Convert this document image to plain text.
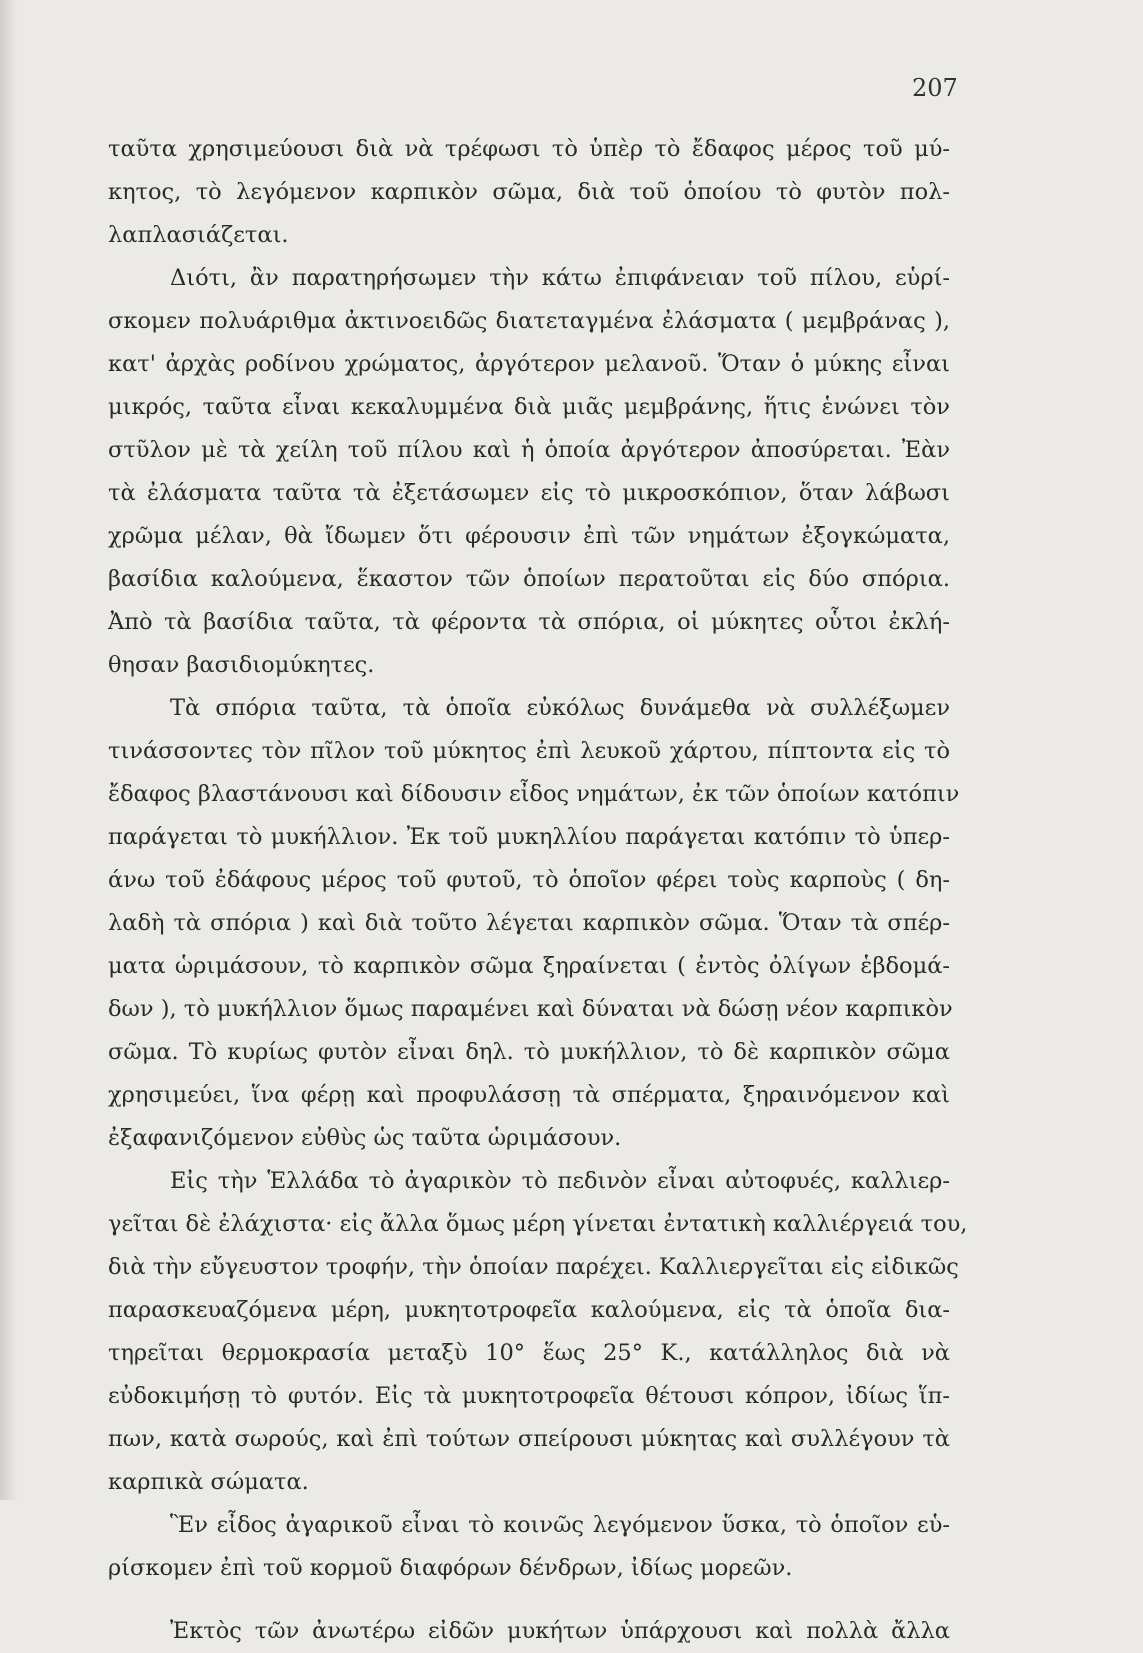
207
ταῦτα χρησιμεύουσι διὰ νὰ τρέφωσι τὸ ὑπὲρ τὸ ἔδαφος μέρος τοῦ μύ-
κητος, τὸ λεγόμενον καρπικὸν σῶμα, διὰ τοῦ ὁποίου τὸ φυτὸν πολ-
λαπλασιάζεται.
Διότι, ἂν παρατηρήσωμεν τὴν κάτω ἐπιφάνειαν τοῦ πίλου, εὑρί-
σκομεν πολυάριθμα ἀκτινοειδῶς διατεταγμένα ἐλάσματα ( μεμβράνας ),
κατ' ἀρχὰς ροδίνου χρώματος, ἀργότερον μελανοῦ. Ὅταν ὁ μύκης εἶναι
μικρός, ταῦτα εἶναι κεκαλυμμένα διὰ μιᾶς μεμβράνης, ἥτις ἑνώνει τὸν
στῦλον μὲ τὰ χείλη τοῦ πίλου καὶ ἡ ὁποία ἀργότερον ἀποσύρεται. Ἐὰν
τὰ ἐλάσματα ταῦτα τὰ ἐξετάσωμεν εἰς τὸ μικροσκόπιον, ὅταν λάβωσι
χρῶμα μέλαν, θὰ ἴδωμεν ὅτι φέρουσιν ἐπὶ τῶν νημάτων ἐξογκώματα,
βασίδια καλούμενα, ἕκαστον τῶν ὁποίων περατοῦται εἰς δύο σπόρια.
Ἀπὸ τὰ βασίδια ταῦτα, τὰ φέροντα τὰ σπόρια, οἱ μύκητες οὗτοι ἐκλή-
θησαν βασιδιομύκητες.
Τὰ σπόρια ταῦτα, τὰ ὁποῖα εὐκόλως δυνάμεθα νὰ συλλέξωμεν
τινάσσοντες τὸν πῖλον τοῦ μύκητος ἐπὶ λευκοῦ χάρτου, πίπτοντα εἰς τὸ
ἔδαφος βλαστάνουσι καὶ δίδουσιν εἶδος νημάτων, ἐκ τῶν ὁποίων κατόπιν
παράγεται τὸ μυκήλλιον. Ἐκ τοῦ μυκηλλίου παράγεται κατόπιν τὸ ὑπερ-
άνω τοῦ ἐδάφους μέρος τοῦ φυτοῦ, τὸ ὁποῖον φέρει τοὺς καρποὺς ( δη-
λαδὴ τὰ σπόρια ) καὶ διὰ τοῦτο λέγεται καρπικὸν σῶμα. Ὅταν τὰ σπέρ-
ματα ὡριμάσουν, τὸ καρπικὸν σῶμα ξηραίνεται ( ἐντὸς ὀλίγων ἑβδομά-
δων ), τὸ μυκήλλιον ὅμως παραμένει καὶ δύναται νὰ δώσῃ νέον καρπικὸν
σῶμα. Τὸ κυρίως φυτὸν εἶναι δηλ. τὸ μυκήλλιον, τὸ δὲ καρπικὸν σῶμα
χρησιμεύει, ἵνα φέρῃ καὶ προφυλάσσῃ τὰ σπέρματα, ξηραινόμενον καὶ
ἐξαφανιζόμενον εὐθὺς ὡς ταῦτα ὡριμάσουν.
Εἰς τὴν Ἑλλάδα τὸ ἀγαρικὸν τὸ πεδινὸν εἶναι αὐτοφυές, καλλιερ-
γεῖται δὲ ἐλάχιστα· εἰς ἄλλα ὅμως μέρη γίνεται ἐντατικὴ καλλιέργειά του,
διὰ τὴν εὔγευστον τροφήν, τὴν ὁποίαν παρέχει. Καλλιεργεῖται εἰς εἰδικῶς
παρασκευαζόμενα μέρη, μυκητοτροφεῖα καλούμενα, εἰς τὰ ὁποῖα δια-
τηρεῖται θερμοκρασία μεταξὺ 10° ἕως 25° Κ., κατάλληλος διὰ νὰ
εὐδοκιμήσῃ τὸ φυτόν. Εἰς τὰ μυκητοτροφεῖα θέτουσι κόπρον, ἰδίως ἵπ-
πων, κατὰ σωρούς, καὶ ἐπὶ τούτων σπείρουσι μύκητας καὶ συλλέγουν τὰ
καρπικὰ σώματα.
Ἓν εἶδος ἀγαρικοῦ εἶναι τὸ κοινῶς λεγόμενον ὕσκα, τὸ ὁποῖον εὑ-
ρίσκομεν ἐπὶ τοῦ κορμοῦ διαφόρων δένδρων, ἰδίως μορεῶν.
Ἐκτὸς τῶν ἀνωτέρω εἰδῶν μυκήτων ὑπάρχουσι καὶ πολλὰ ἄλλα
